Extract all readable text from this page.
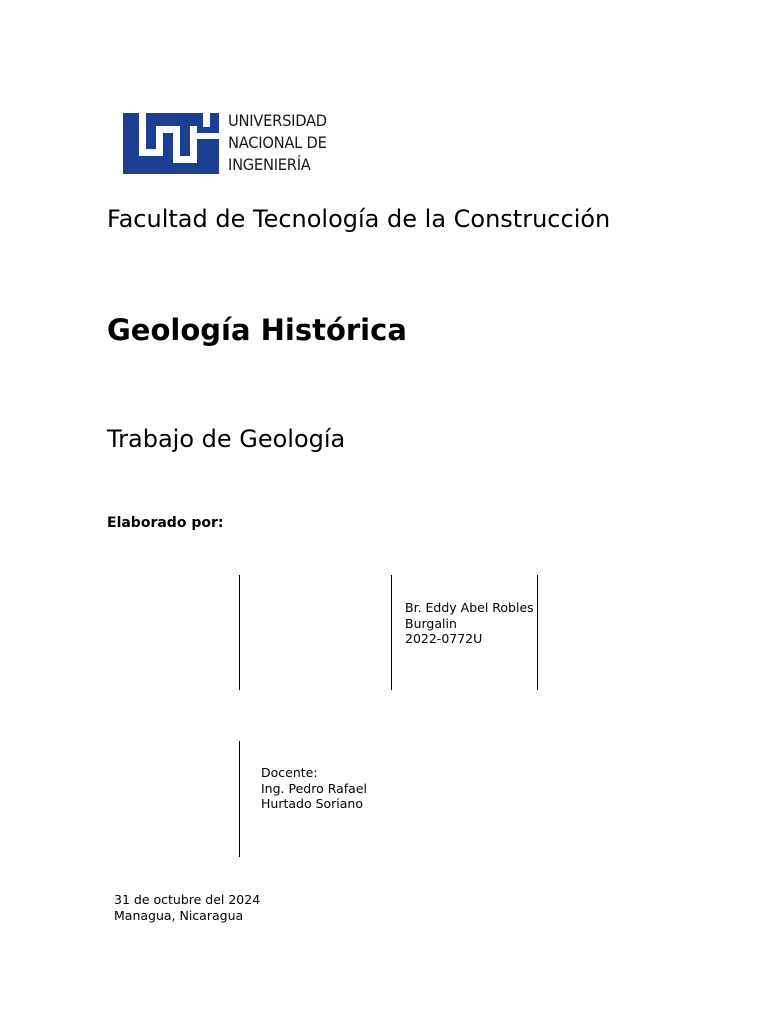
UNIVERSIDAD
NACIONAL DE
INGENIERÍA
Facultad de Tecnología de la Construcción
Geología Histórica
Trabajo de Geología
Elaborado por:
Br. Eddy Abel Robles
Burgalin
2022-0772U
Docente:
Ing. Pedro Rafael
Hurtado Soriano
31 de octubre del 2024
Managua, Nicaragua
